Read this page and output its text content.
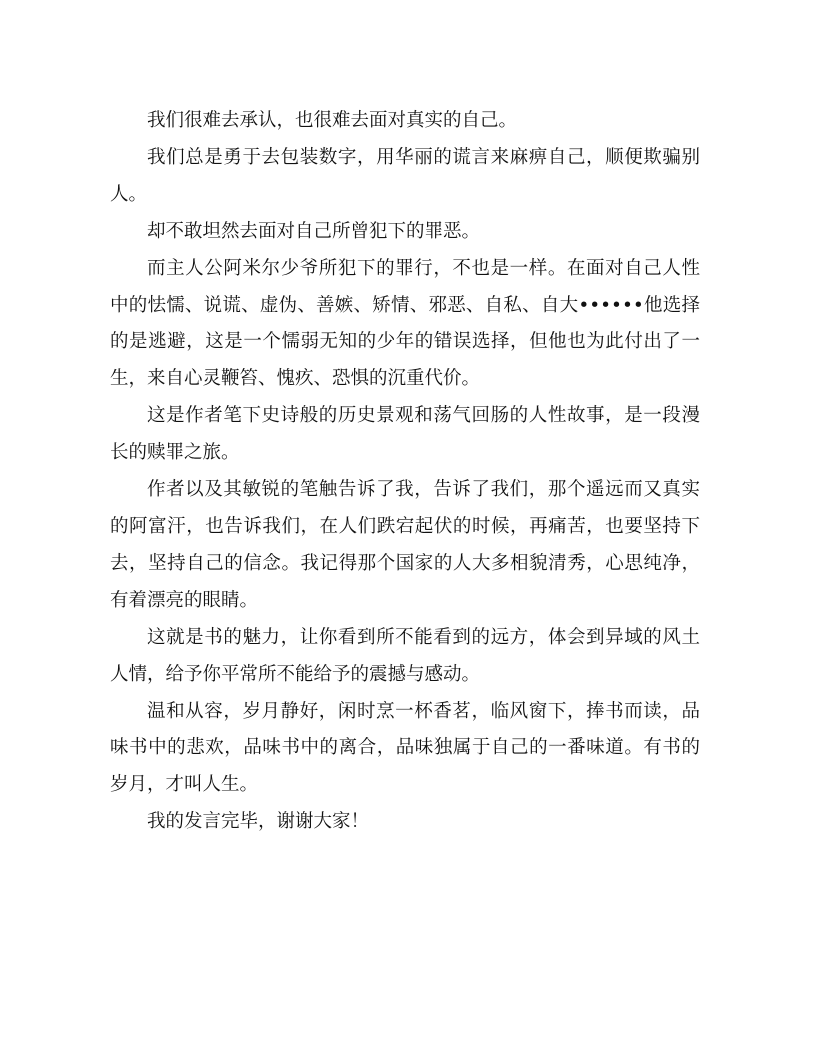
我们很难去承认，也很难去面对真实的自己。

我们总是勇于去包装数字，用华丽的谎言来麻痹自己，顺便欺骗别人。

却不敢坦然去面对自己所曾犯下的罪恶。

而主人公阿米尔少爷所犯下的罪行，不也是一样。在面对自己人性中的怯懦、说谎、虚伪、善嫉、矫情、邪恶、自私、自大••••••他选择的是逃避，这是一个懦弱无知的少年的错误选择，但他也为此付出了一生，来自心灵鞭笞、愧疚、恐惧的沉重代价。

这是作者笔下史诗般的历史景观和荡气回肠的人性故事，是一段漫长的赎罪之旅。

作者以及其敏锐的笔触告诉了我，告诉了我们，那个遥远而又真实的阿富汗，也告诉我们，在人们跌宕起伏的时候，再痛苦，也要坚持下去，坚持自己的信念。我记得那个国家的人大多相貌清秀，心思纯净，有着漂亮的眼睛。

这就是书的魅力，让你看到所不能看到的远方，体会到异域的风土人情，给予你平常所不能给予的震撼与感动。

温和从容，岁月静好，闲时烹一杯香茗，临风窗下，捧书而读，品味书中的悲欢，品味书中的离合，品味独属于自己的一番味道。有书的岁月，才叫人生。

我的发言完毕，谢谢大家！
